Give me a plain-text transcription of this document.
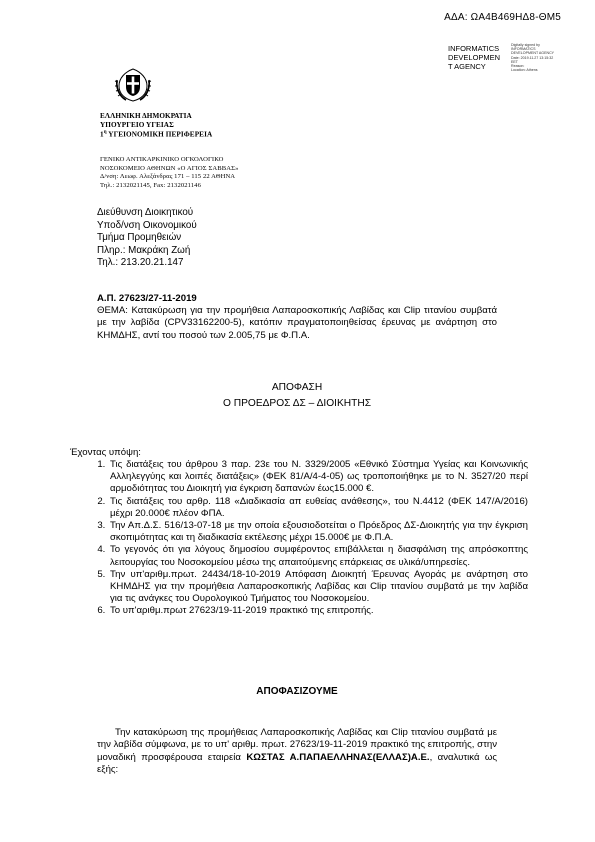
ΑΔΑ: ΩΑ4Β469ΗΔ8-ΘΜ5
INFORMATICS
DEVELOPMEN
T AGENCY
Digitally signed by
INFORMATICS
DEVELOPMENT AGENCY
Date: 2019.11.27 13:15:32
EET
Reason:
Location: Athens
ΕΛΛΗΝΙΚΗ ΔΗΜΟΚΡΑΤΙΑ
ΥΠΟΥΡΓΕΙΟ ΥΓΕΙΑΣ
$1^\eta$ ΥΓΕΙΟΝΟΜΙΚΗ ΠΕΡΙΦΕΡΕΙΑ
ΓΕΝΙΚΟ ΑΝΤΙΚΑΡΚΙΝΙΚΟ ΟΓΚΟΛΟΓΙΚΟ
ΝΟΣΟΚΟΜΕΙΟ ΑΘΗΝΩΝ «Ο ΑΓΙΟΣ ΣΑΒΒΑΣ»
Δ/νση: Λεωφ. Αλεξάνδρας 171 – 115 22 ΑΘΗΝΑ
Τηλ.: 2132021145, Fax: 2132021146
Διεύθυνση Διοικητικού
Υποδ/νση Οικονομικού
Τμήμα Προμηθειών
Πληρ.: Μακράκη Ζωή
Τηλ.: 213.20.21.147
Α.Π. 27623/27-11-2019
ΘΕΜΑ: Κατακύρωση για την προμήθεια Λαπαροσκοπικής Λαβίδας και Clip τιτανίου συμβατά με την λαβίδα (CPV33162200-5), κατόπιν πραγματοποιηθείσας έρευνας με ανάρτηση στο ΚΗΜΔΗΣ, αντί του ποσού των 2.005,75 με Φ.Π.Α.
ΑΠΟΦΑΣΗ
Ο ΠΡΟΕΔΡΟΣ ΔΣ – ΔΙΟΙΚΗΤΗΣ
Έχοντας υπόψη:
1. Τις διατάξεις του άρθρου 3 παρ. 23ε του Ν. 3329/2005 «Εθνικό Σύστημα Υγείας και Κοινωνικής Αλληλεγγύης και λοιπές διατάξεις» (ΦΕΚ 81/Α/4-4-05) ως τροποποιήθηκε με το Ν. 3527/20 περί αρμοδιότητας του Διοικητή για έγκριση δαπανών έως15.000 €.
2. Τις διατάξεις του αρθρ. 118 «Διαδικασία απ ευθείας ανάθεσης», του Ν.4412 (ΦΕΚ 147/Α/2016) μέχρι 20.000€ πλέον ΦΠΑ.
3. Την Απ.Δ.Σ. 516/13-07-18 με την οποία εξουσιοδοτείται ο Πρόεδρος ΔΣ-Διοικητής για την έγκριση σκοπιμότητας και τη διαδικασία εκτέλεσης μέχρι 15.000€ με Φ.Π.Α.
4. Το γεγονός ότι για λόγους δημοσίου συμφέροντος επιβάλλεται η διασφάλιση της απρόσκοπτης λειτουργίας του Νοσοκομείου μέσω της απαιτούμενης επάρκειας σε υλικά/υπηρεσίες.
5. Την υπ'αριθμ.πρωτ. 24434/18-10-2019 Απόφαση Διοικητή Έρευνας Αγοράς με ανάρτηση στο ΚΗΜΔΗΣ για την προμήθεια Λαπαροσκοπικής Λαβίδας και Clip τιτανίου συμβατά με την λαβίδα για τις ανάγκες του Ουρολογικού Τμήματος του Νοσοκομείου.
6. Το υπ'αριθμ.πρωτ 27623/19-11-2019 πρακτικό της επιτροπής.
ΑΠΟΦΑΣΙΖΟΥΜΕ
Την κατακύρωση της προμήθειας Λαπαροσκοπικής Λαβίδας και Clip τιτανίου συμβατά με την λαβίδα σύμφωνα, με το υπ' αριθμ. πρωτ. 27623/19-11-2019 πρακτικό της επιτροπής, στην μοναδική προσφέρουσα εταιρεία ΚΩΣΤΑΣ Α.ΠΑΠΑΕΛΛΗΝΑΣ(ΕΛΛΑΣ)Α.Ε., αναλυτικά ως εξής:
